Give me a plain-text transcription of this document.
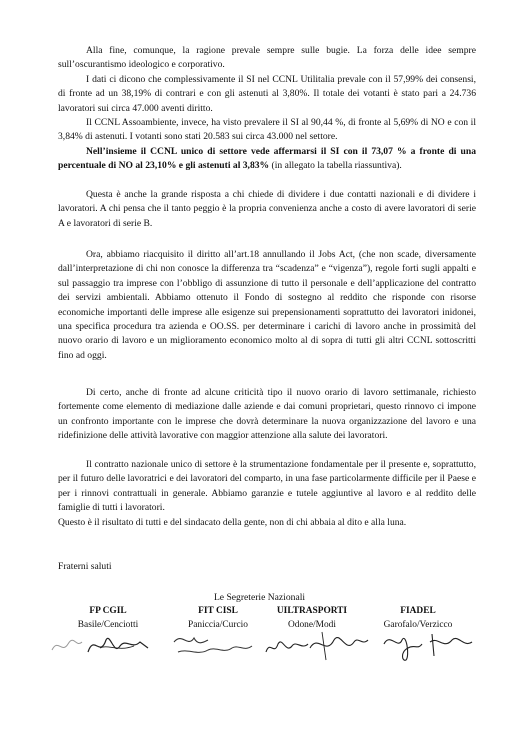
Alla fine, comunque, la ragione prevale sempre sulle bugie. La forza delle idee sempre sull’oscurantismo ideologico e corporativo.

I dati ci dicono che complessivamente il SI nel CCNL Utilitalia prevale con il 57,99% dei consensi, di fronte ad un 38,19% di contrari e con gli astenuti al 3,80%. Il totale dei votanti è stato pari a 24.736 lavoratori sui circa 47.000 aventi diritto.

Il CCNL Assoambiente, invece, ha visto prevalere il SI al 90,44 %, di fronte al 5,69% di NO e con il 3,84% di astenuti. I votanti sono stati 20.583 sui circa 43.000 nel settore.

Nell’insieme il CCNL unico di settore vede affermarsi il SI con il 73,07 % a fronte di una percentuale di NO al 23,10% e gli astenuti al 3,83% (in allegato la tabella riassuntiva).

Questa è anche la grande risposta a chi chiede di dividere i due contatti nazionali e di dividere i lavoratori. A chi pensa che il tanto peggio è la propria convenienza anche a costo di avere lavoratori di serie A e lavoratori di serie B.

Ora, abbiamo riacquisito il diritto all’art.18 annullando il Jobs Act, (che non scade, diversamente dall’interpretazione di chi non conosce la differenza tra “scadenza” e “vigenza”), regole forti sugli appalti e sul passaggio tra imprese con l’obbligo di assunzione di tutto il personale e dell’applicazione del contratto dei servizi ambientali. Abbiamo ottenuto il Fondo di sostegno al reddito che risponde con risorse economiche importanti delle imprese alle esigenze sui prepensionamenti soprattutto dei lavoratori inidonei, una specifica procedura tra azienda e OO.SS. per determinare i carichi di lavoro anche in prossimità del nuovo orario di lavoro e un miglioramento economico molto al di sopra di tutti gli altri CCNL sottoscritti fino ad oggi.

Di certo, anche di fronte ad alcune criticità tipo il nuovo orario di lavoro settimanale, richiesto fortemente come elemento di mediazione dalle aziende e dai comuni proprietari, questo rinnovo ci impone un confronto importante con le imprese che dovrà determinare la nuova organizzazione del lavoro e una ridefinizione delle attività lavorative con maggior attenzione alla salute dei lavoratori.

Il contratto nazionale unico di settore è la strumentazione fondamentale per il presente e, soprattutto, per il futuro delle lavoratrici e dei lavoratori del comparto, in una fase particolarmente difficile per il Paese e per i rinnovi contrattuali in generale. Abbiamo garanzie e tutele aggiuntive al lavoro e al reddito delle famiglie di tutti i lavoratori.

Questo è il risultato di tutti e del sindacato della gente, non di chi abbaia al dito e alla luna.

Fraterni saluti

Le Segreterie Nazionali
FP CGIL
Basile/Cenciotti
FIT CISL
Paniccia/Curcio
UILTRASPORTI
Odone/Modi
FIADEL
Garofalo/Verzicco
